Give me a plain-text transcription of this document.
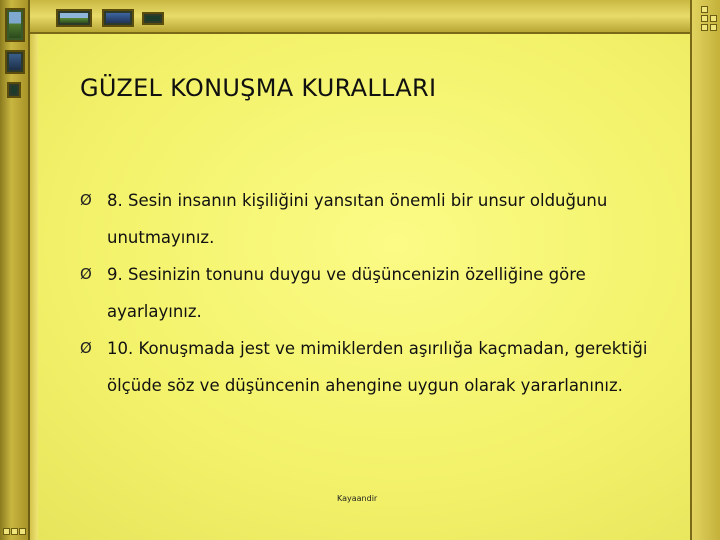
GÜZEL KONUŞMA KURALLARI
Ø 8. Sesin insanın kişiliğini yansıtan önemli bir unsur olduğunu unutmayınız.
Ø 9. Sesinizin tonunu duygu ve düşüncenizin özelliğine göre ayarlayınız.
Ø 10. Konuşmada jest ve mimiklerden aşırılığa kaçmadan, gerektiği ölçüde söz ve düşüncenin ahengine uygun olarak yararlanınız.
Kayaandir
